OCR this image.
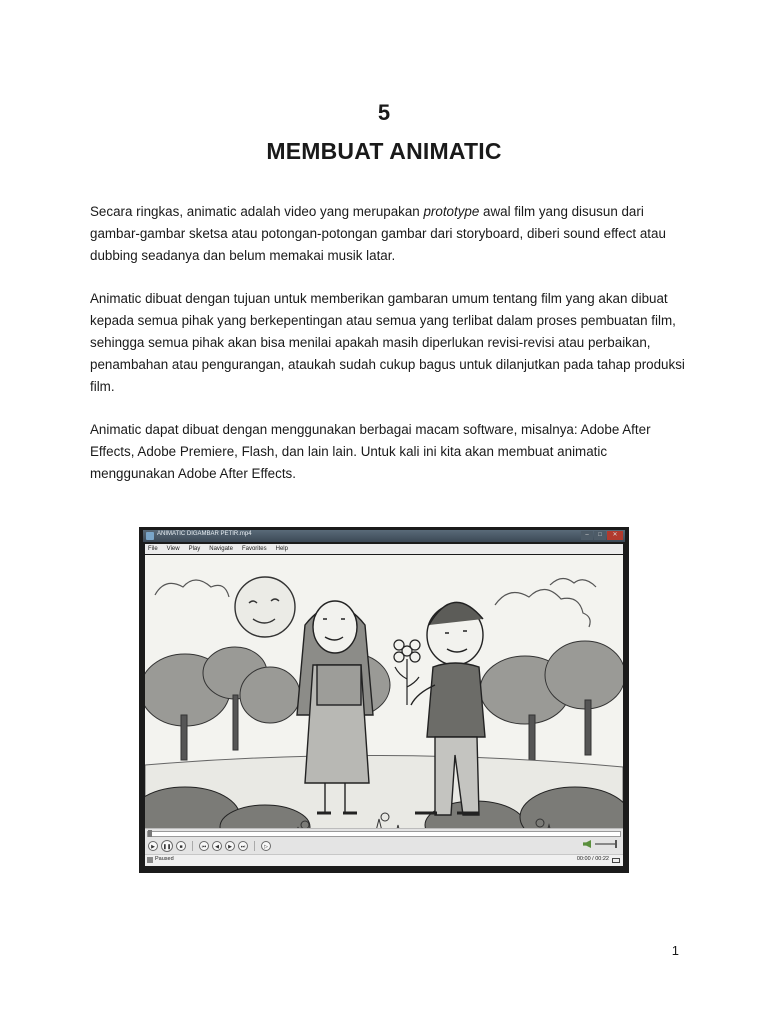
5
MEMBUAT ANIMATIC

Secara ringkas, animatic adalah video yang merupakan prototype awal film yang disusun dari gambar-gambar sketsa atau potongan-potongan gambar dari storyboard, diberi sound effect atau dubbing seadanya dan belum memakai musik latar.

Animatic dibuat dengan tujuan untuk memberikan gambaran umum tentang film yang akan dibuat kepada semua pihak yang berkepentingan atau semua yang terlibat dalam proses pembuatan film, sehingga semua pihak akan bisa menilai apakah masih diperlukan revisi-revisi atau perbaikan, penambahan atau pengurangan, ataukah sudah cukup bagus untuk dilanjutkan pada tahap produksi film.

Animatic dapat dibuat dengan menggunakan berbagai macam software, misalnya: Adobe After Effects, Adobe Premiere, Flash, dan lain lain. Untuk kali ini kita akan membuat animatic menggunakan Adobe After Effects.

ANIMATIC DIGAMBAR PETIR.mp4	–	□	✕
File View Play Navigate Favorites Help
▶	❚❚	■	⏮	◀	▶	⏭	▷
Paused	00:00 / 00:22
1
